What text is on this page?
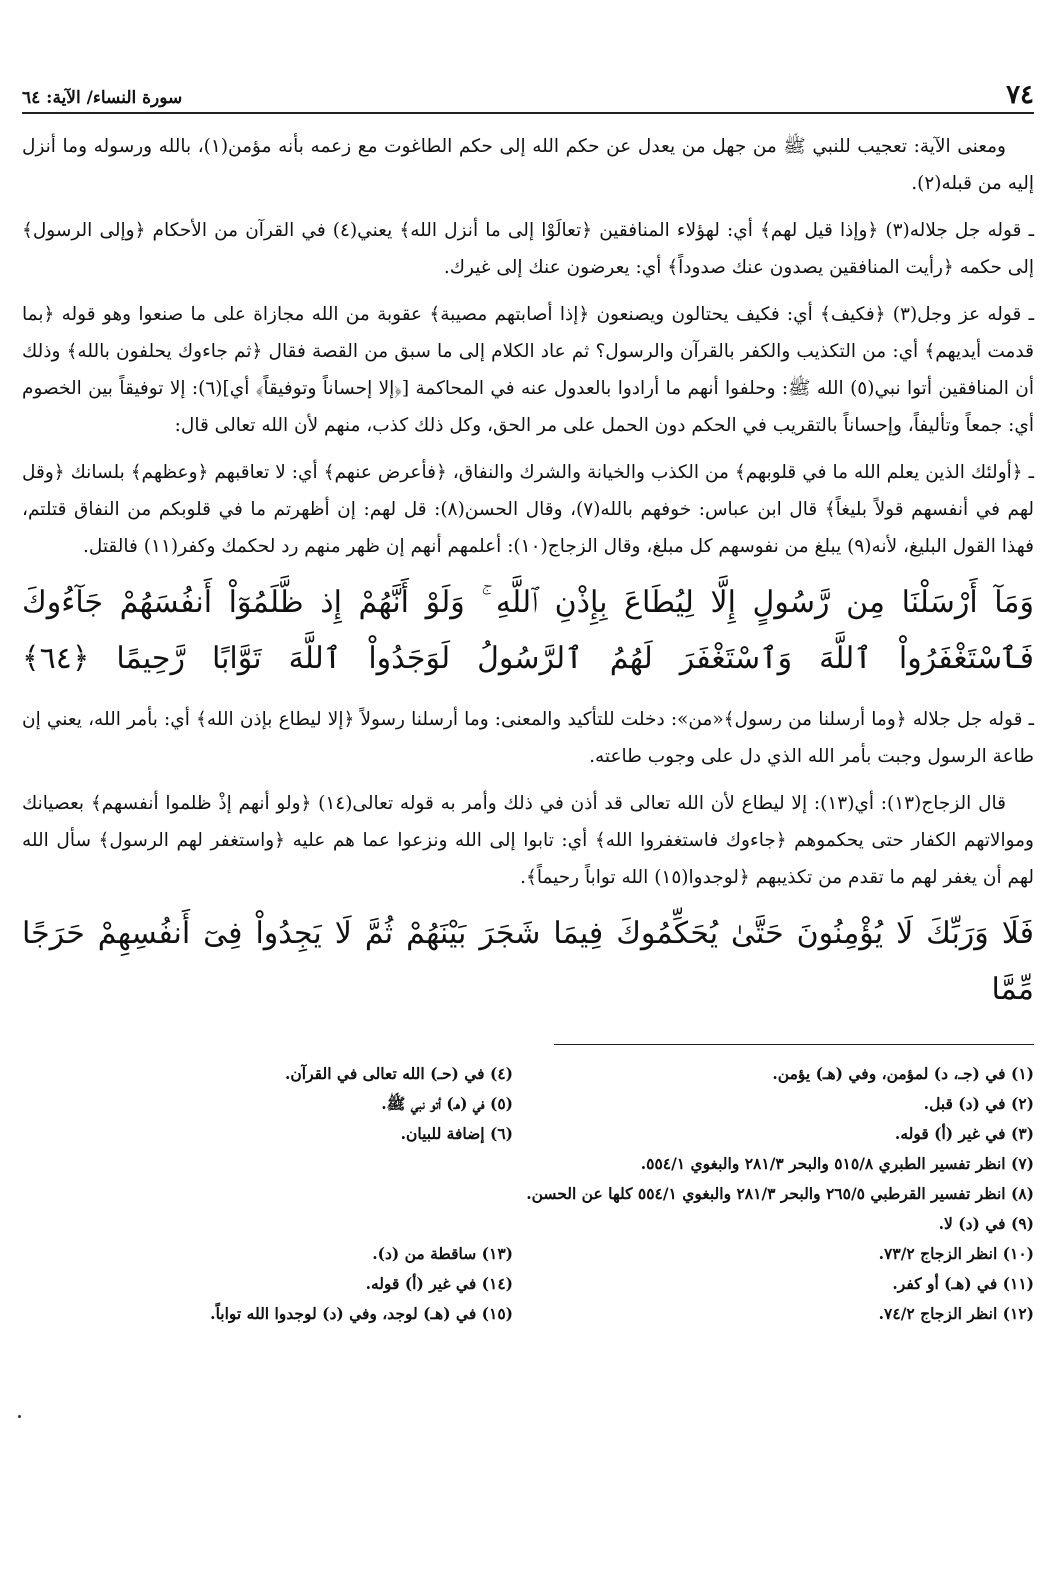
٧٤
سورة النساء/ الآية: ٦٤

ومعنى الآية: تعجيب للنبي ﷺ من جهل من يعدل عن حكم الله إلى حكم الطاغوت مع زعمه بأنه مؤمن(١)، بالله ورسوله وما أنزل إليه من قبله(٢).

ـ قوله جل جلاله(٣) ﴿وإذا قيل لهم﴾ أي: لهؤلاء المنافقين ﴿تعالَوْا إلى ما أنزل الله﴾ يعني(٤) في القرآن من الأحكام ﴿وإلى الرسول﴾ إلى حكمه ﴿رأيت المنافقين يصدون عنك صدوداً﴾ أي: يعرضون عنك إلى غيرك.

ـ قوله عز وجل(٣) ﴿فكيف﴾ أي: فكيف يحتالون ويصنعون ﴿إذا أصابتهم مصيبة﴾ عقوبة من الله مجازاة على ما صنعوا وهو قوله ﴿بما قدمت أيديهم﴾ أي: من التكذيب والكفر بالقرآن والرسول؟ ثم عاد الكلام إلى ما سبق من القصة فقال ﴿ثم جاءوك يحلفون بالله﴾ وذلك أن المنافقين أتوا نبي(٥) الله ﷺ: وحلفوا أنهم ما أرادوا بالعدول عنه في المحاكمة [﴿إلا إحساناً وتوفيقاً﴾ أي](٦): إلا توفيقاً بين الخصوم أي: جمعاً وتأليفاً، وإحساناً بالتقريب في الحكم دون الحمل على مر الحق، وكل ذلك كذب، منهم لأن الله تعالى قال:

ـ ﴿أولئك الذين يعلم الله ما في قلوبهم﴾ من الكذب والخيانة والشرك والنفاق، ﴿فأعرض عنهم﴾ أي: لا تعاقبهم ﴿وعظهم﴾ بلسانك ﴿وقل لهم في أنفسهم قولاً بليغاً﴾ قال ابن عباس: خوفهم بالله(٧)، وقال الحسن(٨): قل لهم: إن أظهرتم ما في قلوبكم من النفاق قتلتم، فهذا القول البليغ، لأنه(٩) يبلغ من نفوسهم كل مبلغ، وقال الزجاج(١٠): أعلمهم أنهم إن ظهر منهم رد لحكمك وكفر(١١) فالقتل.

وَمَآ أَرْسَلْنَا مِن رَّسُولٍ إِلَّا لِيُطَاعَ بِإِذْنِ ٱللَّهِ ۚ وَلَوْ أَنَّهُمْ إِذ ظَّلَمُوٓاْ أَنفُسَهُمْ جَآءُوكَ
فَٱسْتَغْفَرُواْ ٱللَّهَ وَٱسْتَغْفَرَ لَهُمُ ٱلرَّسُولُ لَوَجَدُواْ ٱللَّهَ تَوَّابًا رَّحِيمًا ﴿٦٤﴾

ـ قوله جل جلاله ﴿وما أرسلنا من رسول﴾«من»: دخلت للتأكيد والمعنى: وما أرسلنا رسولاً ﴿إلا ليطاع بإذن الله﴾ أي: بأمر الله، يعني إن طاعة الرسول وجبت بأمر الله الذي دل على وجوب طاعته.

قال الزجاج(١٣): أي(١٣): إلا ليطاع لأن الله تعالى قد أذن في ذلك وأمر به قوله تعالى(١٤) ﴿ولو أنهم إذْ ظلموا أنفسهم﴾ بعصيانك وموالاتهم الكفار حتى يحكموهم ﴿جاءوك فاستغفروا الله﴾ أي: تابوا إلى الله ونزعوا عما هم عليه ﴿واستغفر لهم الرسول﴾ سأل الله لهم أن يغفر لهم ما تقدم من تكذيبهم ﴿لوجدوا(١٥) الله تواباً رحيماً﴾.

فَلَا وَرَبِّكَ لَا يُؤْمِنُونَ حَتَّىٰ يُحَكِّمُوكَ فِيمَا شَجَرَ بَيْنَهُمْ ثُمَّ لَا يَجِدُواْ فِىٓ أَنفُسِهِمْ حَرَجًا مِّمَّا
(١) في (جـ، د) لمؤمن، وفي (هـ) يؤمن.
(٤) في (حـ) الله تعالى في القرآن.
(٢) في (د) قبل.
(٥) في (هـ) أتو نبي ﷺ.
(٣) في غير (أ) قوله.
(٦) إضافة للبيان.
(٧) انظر تفسير الطبري ٥١٥/٨ والبحر ٢٨١/٣ والبغوي ٥٥٤/١.
(٨) انظر تفسير القرطبي ٢٦٥/٥ والبحر ٢٨١/٣ والبغوي ٥٥٤/١ كلها عن الحسن.
(٩) في (د) لا.
(١٠) انظر الزجاج ٧٣/٢.
(١٣) ساقطة من (د).
(١١) في (هـ) أو كفر.
(١٤) في غير (أ) قوله.
(١٢) انظر الزجاج ٧٤/٢.
(١٥) في (هـ) لوجد، وفي (د) لوجدوا الله تواباً.
